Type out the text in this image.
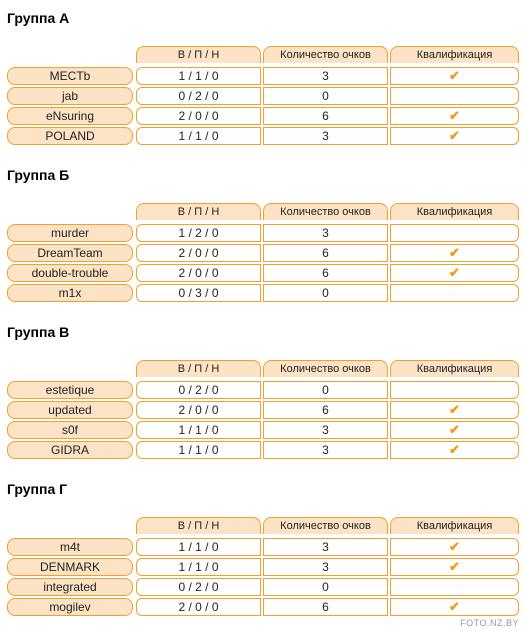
Группа А
В / П / Н	Количество очков	Квалификация
MECTb	1 / 1 / 0	3	✔
jab	0 / 2 / 0	0
eNsuring	2 / 0 / 0	6	✔
POLAND	1 / 1 / 0	3	✔
Группа Б
В / П / Н	Количество очков	Квалификация
murder	1 / 2 / 0	3
DreamTeam	2 / 0 / 0	6	✔
double-trouble	2 / 0 / 0	6	✔
m1x	0 / 3 / 0	0
Группа В
В / П / Н	Количество очков	Квалификация
estetique	0 / 2 / 0	0
updated	2 / 0 / 0	6	✔
s0f	1 / 1 / 0	3	✔
GIDRA	1 / 1 / 0	3	✔
Группа Г
В / П / Н	Количество очков	Квалификация
m4t	1 / 1 / 0	3	✔
DENMARK	1 / 1 / 0	3	✔
integrated	0 / 2 / 0	0
mogilev	2 / 0 / 0	6	✔
FOTO.NZ.BY
